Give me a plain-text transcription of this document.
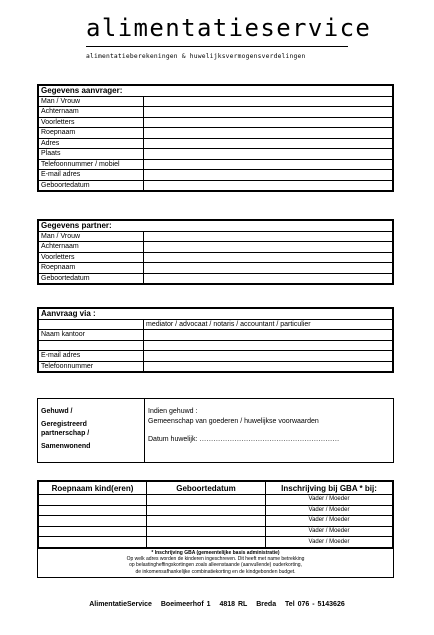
alimentatieservice
alimentatieberekeningen & huwelijksvermogensverdelingen
Gegevens aanvrager:	
Man / Vrouw	
Achternaam	
Voorletters	
Roepnaam	
Adres	
Plaats	
Telefoonnummer / mobiel	
E-mail adres	
Geboortedatum	
Gegevens partner:	
Man / Vrouw	
Achternaam	
Voorletters	
Roepnaam	
Geboortedatum	
Aanvraag via :	
	mediator / advocaat / notaris / accountant / particulier
Naam kantoor	

E-mail adres	
Telefoonnummer	
Gehuwd /
Geregistreerd
partnerschap /
Samenwonend
Indien gehuwd :
Gemeenschap van goederen / huwelijkse voorwaarden
Datum huwelijk: ……………………………………………………
Roepnaam kind(eren)	Geboortedatum	Inschrijving bij GBA * bij:
		Vader / Moeder
		Vader / Moeder
		Vader / Moeder
		Vader / Moeder
		Vader / Moeder
* Inschrijving GBA (gemeentelijke basis administratie)
Op welk adres worden de kinderen ingeschreven. Dit heeft met name betrekking
op belastingheffingskortingen zoals alleenstaande (aanvullende) ouderkorting,
de inkomensafhankelijke combinatiekorting en de kindgebonden budget.
AlimentatieService Boeimeerhof 1 4818 RL Breda Tel 076 - 5143626
